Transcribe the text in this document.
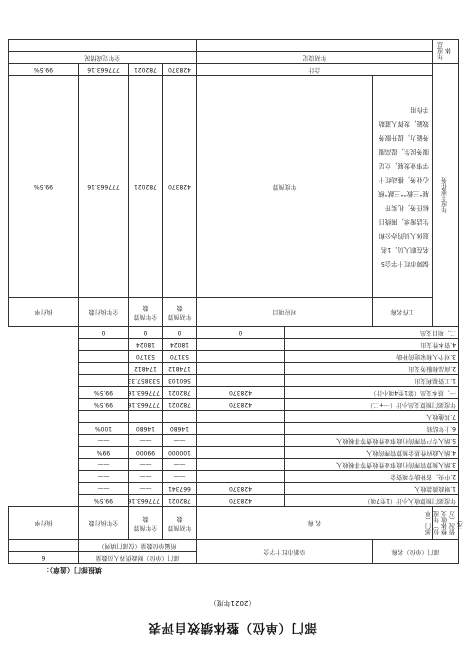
部门（单位）整体绩效自评表
（2021年度）
填报部门（盖章）：
部门（单位）名称		阜新市红十字会		部门（单位）财政供养人员数量			6
				所属单位数量（仅部门填列）			
部门（单位）年度整体收支情况（万元）	名 称			年初预算数	全年预算数	全年执行数	执行率
年度部门预算收入小计（1至7项）			428370	782021	777663.16	99.5%	
1.财政拨款收入			428370	667341	——	——	
2.中央、省补助专项资金				——	——	——	
3.纳入预算管理的行政事业性收费等非税收入				——	——	——	
4.纳入政府性基金预算管理的收入				100000	99000	99%	
5.纳入专户管理的行政事业性收费等非税收入				——	——	——	
6.上年结转				14680	14680	100%	
7.其他收入							
年度部门预算支出小计（一+二）			428370	782021	777663.16	99.5%	
一、基本支出（第1至4项小计）			428370	782021	777663.16	99.5%	
1.工资福利支出				560103	533857.33		
2.商品和服务支出				174812	174812		
3.对个人和家庭的补助				53170	53170		
4.资本性支出				18024	18024		
二、项目支出			0	0	0	0	
年度主要任务	工作名称	对应项目		年初预算数	全年预算数	全年执行数	执行率
	保障市红十字会5名在职人员、1名退休人员的办公和生活需求，围绕目标任务，扎实开展“三救”“三献”核心业务，推动红十字事业发展，立足服务民生，提高服务能力，提升服务效能，发挥人道助手作用	年度预算		428370	782021	777663.16	99.5%
	合计			428370	782021	777663.16	99.5%
年度总体	年初设定			全年完成情况			
